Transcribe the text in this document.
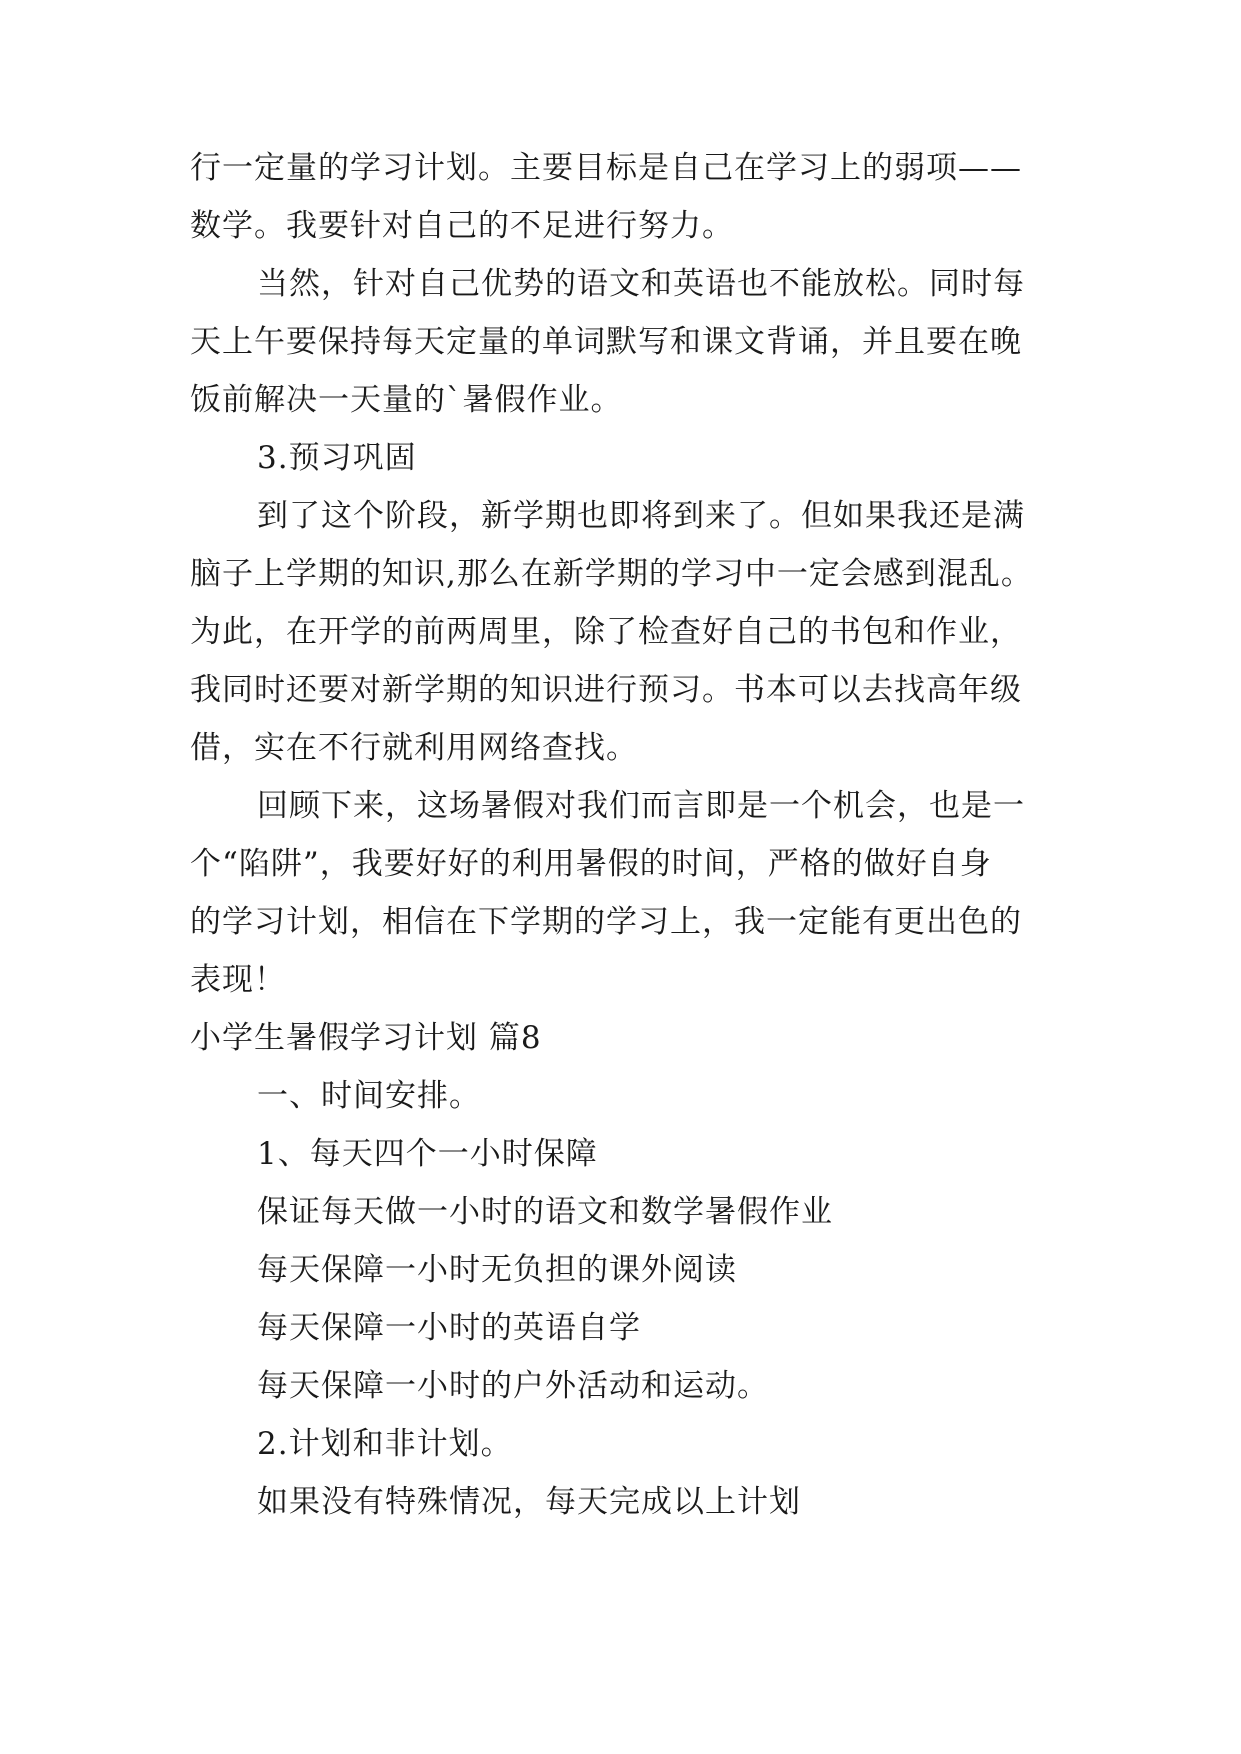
行一定量的学习计划。主要目标是自己在学习上的弱项——
数学。我要针对自己的不足进行努力。
当然，针对自己优势的语文和英语也不能放松。同时每
天上午要保持每天定量的单词默写和课文背诵，并且要在晚
饭前解决一天量的`暑假作业。
3.预习巩固
到了这个阶段，新学期也即将到来了。但如果我还是满
脑子上学期的知识,那么在新学期的学习中一定会感到混乱。
为此，在开学的前两周里，除了检查好自己的书包和作业，
我同时还要对新学期的知识进行预习。书本可以去找高年级
借，实在不行就利用网络查找。
回顾下来，这场暑假对我们而言即是一个机会，也是一
个“陷阱”，我要好好的利用暑假的时间，严格的做好自身
的学习计划，相信在下学期的学习上，我一定能有更出色的
表现！
小学生暑假学习计划 篇8
一、时间安排。
1、每天四个一小时保障
保证每天做一小时的语文和数学暑假作业
每天保障一小时无负担的课外阅读
每天保障一小时的英语自学
每天保障一小时的户外活动和运动。
2.计划和非计划。
如果没有特殊情况，每天完成以上计划
